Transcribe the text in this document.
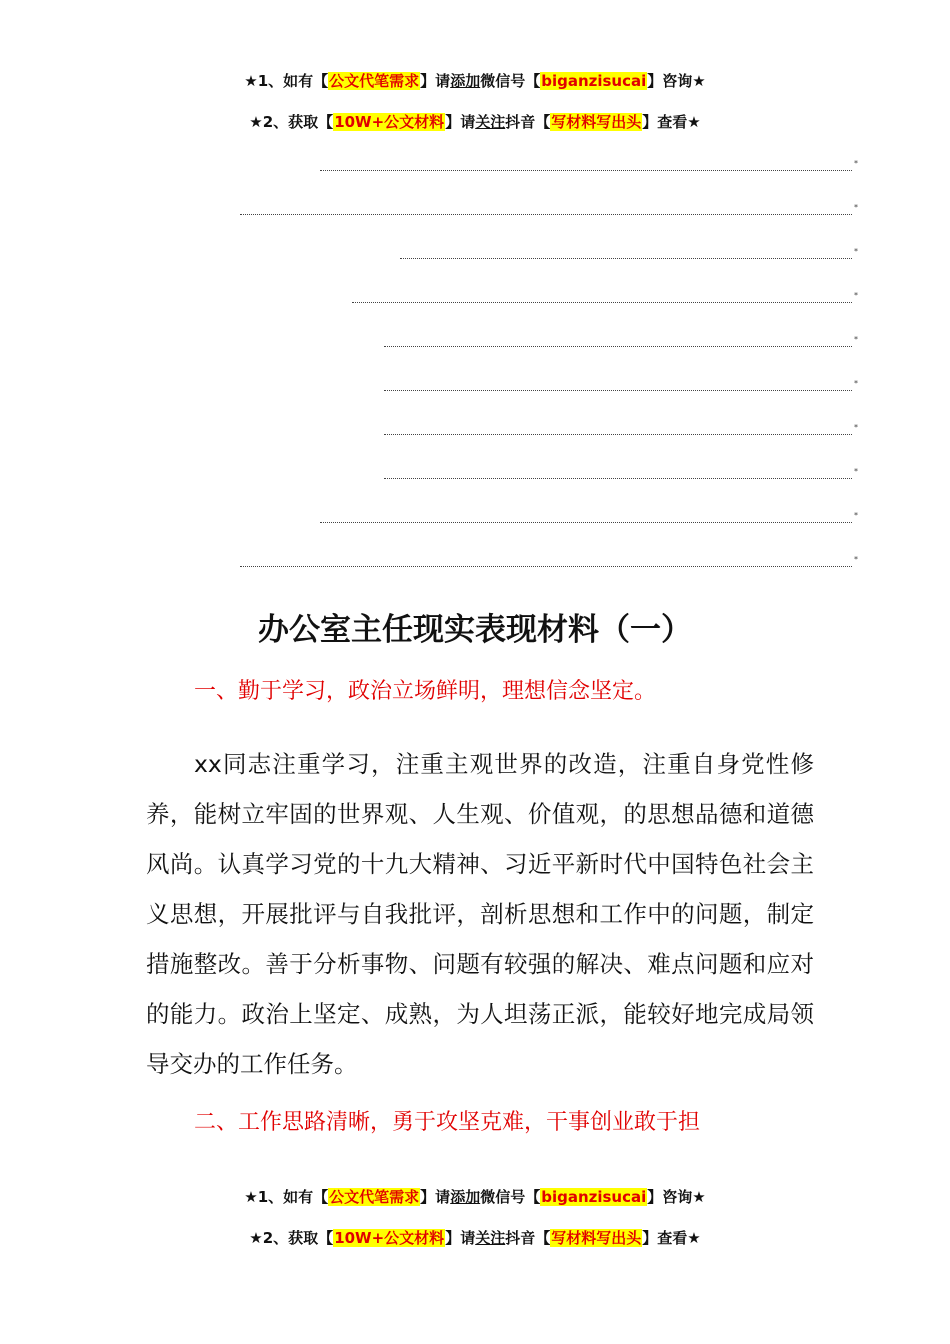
★1、如有【公文代笔需求】请添加微信号【biganzisucai】咨询★
★2、获取【10W+公文材料】请关注抖音【写材料写出头】查看★
*
*
*
*
*
*
*
*
*
*
办公室主任现实表现材料（一）
一、勤于学习，政治立场鲜明，理想信念坚定。

xx同志注重学习，注重主观世界的改造，注重自身党性修养，能树立牢固的世界观、人生观、价值观，的思想品德和道德风尚。认真学习党的十九大精神、习近平新时代中国特色社会主义思想，开展批评与自我批评，剖析思想和工作中的问题，制定措施整改。善于分析事物、问题有较强的解决、难点问题和应对的能力。政治上坚定、成熟，为人坦荡正派，能较好地完成局领导交办的工作任务。

二、工作思路清晰，勇于攻坚克难，干事创业敢于担
★1、如有【公文代笔需求】请添加微信号【biganzisucai】咨询★
★2、获取【10W+公文材料】请关注抖音【写材料写出头】查看★
